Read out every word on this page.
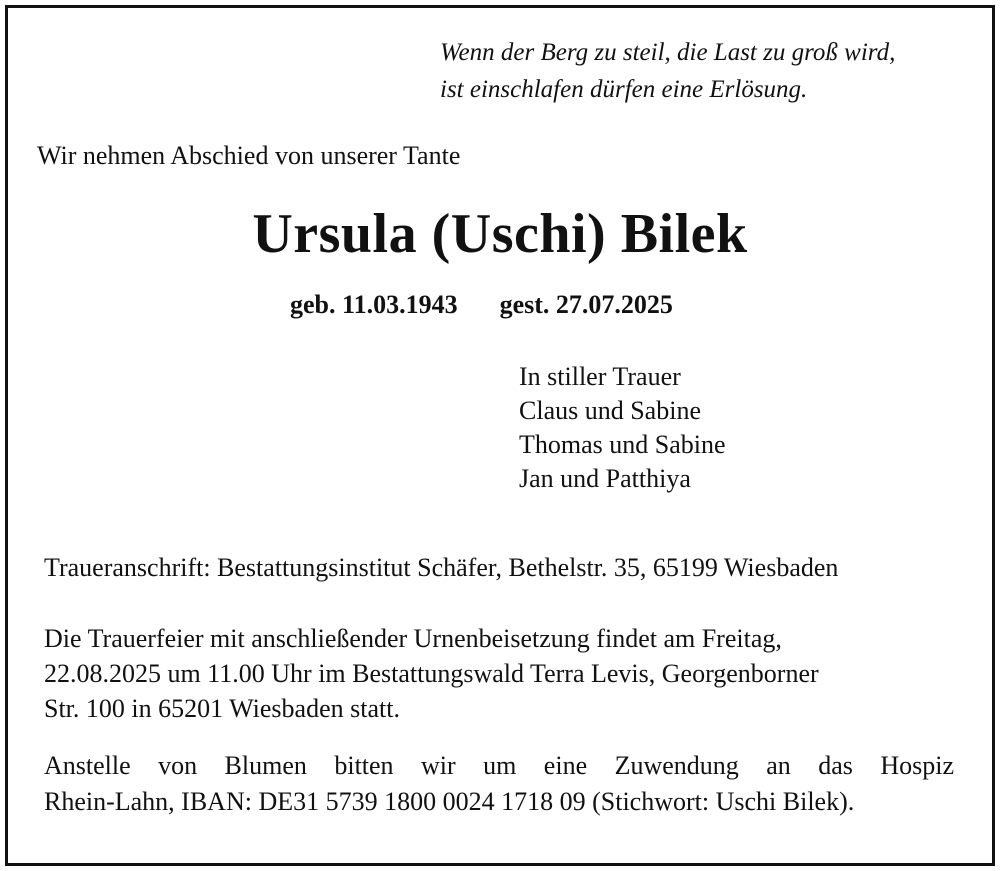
Wenn der Berg zu steil, die Last zu groß wird,
ist einschlafen dürfen eine Erlösung.
Wir nehmen Abschied von unserer Tante
Ursula (Uschi) Bilek
geb. 11.03.1943 gest. 27.07.2025
In stiller Trauer
Claus und Sabine
Thomas und Sabine
Jan und Patthiya
Traueranschrift: Bestattungsinstitut Schäfer, Bethelstr. 35, 65199 Wiesbaden
Die Trauerfeier mit anschließender Urnenbeisetzung findet am Freitag,
22.08.2025 um 11.00 Uhr im Bestattungswald Terra Levis, Georgenborner
Str. 100 in 65201 Wiesbaden statt.
Anstelle von Blumen bitten wir um eine Zuwendung an das Hospiz
Rhein-Lahn, IBAN: DE31 5739 1800 0024 1718 09 (Stichwort: Uschi Bilek).
